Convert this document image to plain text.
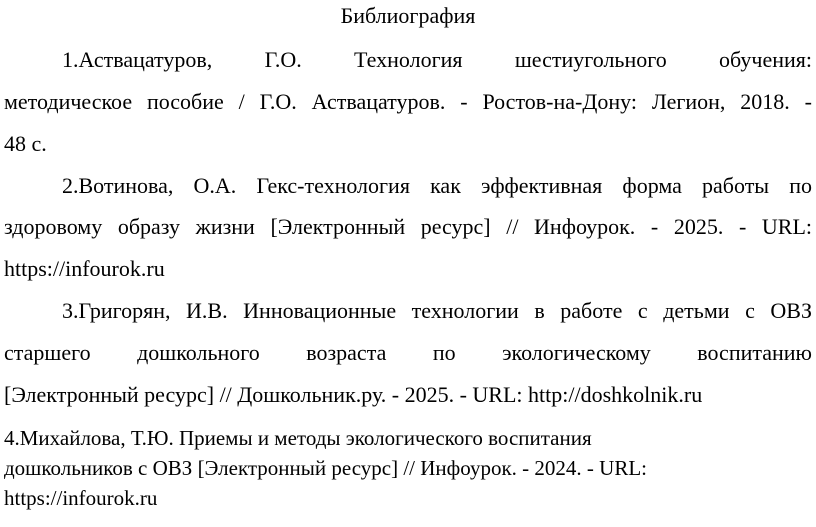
Библиография
1.Аствацатуров, Г.О. Технология шестиугольного обучения:
методическое пособие / Г.О. Аствацатуров. - Ростов-на-Дону: Легион, 2018. -
48 с.
2.Вотинова, О.А. Гекс-технология как эффективная форма работы по
здоровому образу жизни [Электронный ресурс] // Инфоурок. - 2025. - URL:
https://infourok.ru
3.Григорян, И.В. Инновационные технологии в работе с детьми с ОВЗ
старшего дошкольного возраста по экологическому воспитанию
[Электронный ресурс] // Дошкольник.ру. - 2025. - URL: http://doshkolnik.ru
4.Михайлова, Т.Ю. Приемы и методы экологического воспитания
дошкольников с ОВЗ [Электронный ресурс] // Инфоурок. - 2024. - URL:
https://infourok.ru
